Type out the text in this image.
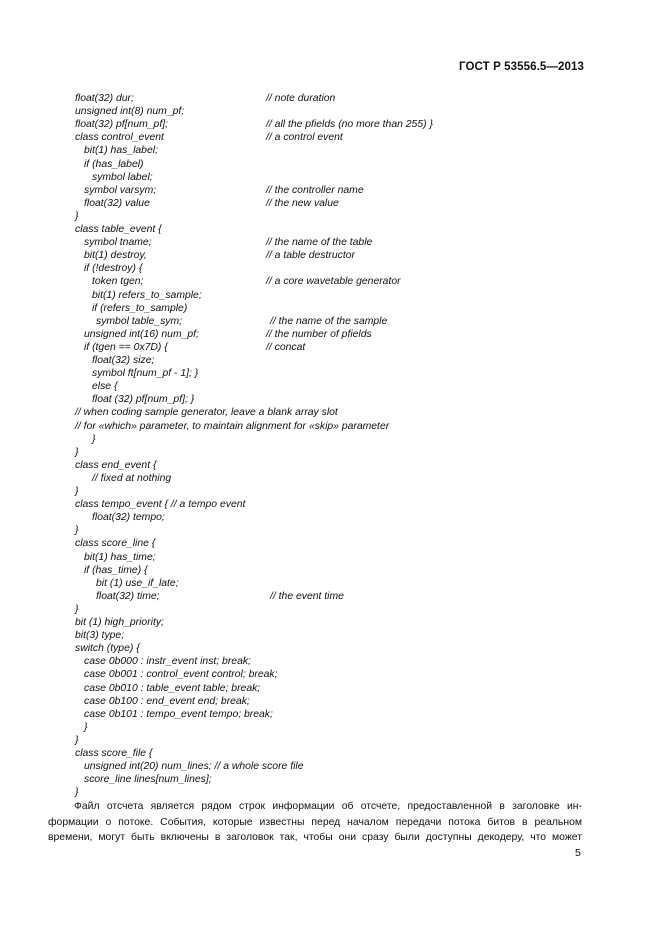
ГОСТ Р 53556.5—2013
float(32) dur;	// note duration
unsigned int(8) num_pf;
float(32) pf[num_pf];	// all the pfields (no more than 255) }
class control_event	// a control event
bit(1) has_label;
if (has_label)
symbol label;
symbol varsym;	// the controller name
float(32) value	// the new value
}
class table_event {
symbol tname;	// the name of the table
bit(1) destroy,	// a table destructor
if (!destroy) {
token tgen;	// a core wavetable generator
bit(1) refers_to_sample;
if (refers_to_sample)
symbol table_sym;	// the name of the sample
unsigned int(16) num_pf;	// the number of pfields
if (tgen == 0x7D) {	// concat
float(32) size;
symbol ft[num_pf - 1]; }
else {
float (32) pf[num_pf]; }
// when coding sample generator, leave a blank array slot
// for «which» parameter, to maintain alignment for «skip» parameter
}
}
class end_event {
// fixed at nothing
}
class tempo_event { // a tempo event
float(32) tempo;
}
class score_line {
bit(1) has_time;
if (has_time) {
bit (1) use_if_late;
float(32) time;	// the event time
}
bit (1) high_priority;
bit(3) type;
switch (type) {
case 0b000 : instr_event inst; break;
case 0b001 : control_event control; break;
case 0b010 : table_event table; break;
case 0b100 : end_event end; break;
case 0b101 : tempo_event tempo; break;
}
}
class score_file {
unsigned int(20) num_lines; // a whole score file
score_line lines[num_lines];
}
Файл отсчета является рядом строк информации об отсчете, предоставленной в заголовке ин-
формации о потоке. События, которые известны перед началом передачи потока битов в реальном
времени, могут быть включены в заголовок так, чтобы они сразу были доступны декодеру, что может
5
